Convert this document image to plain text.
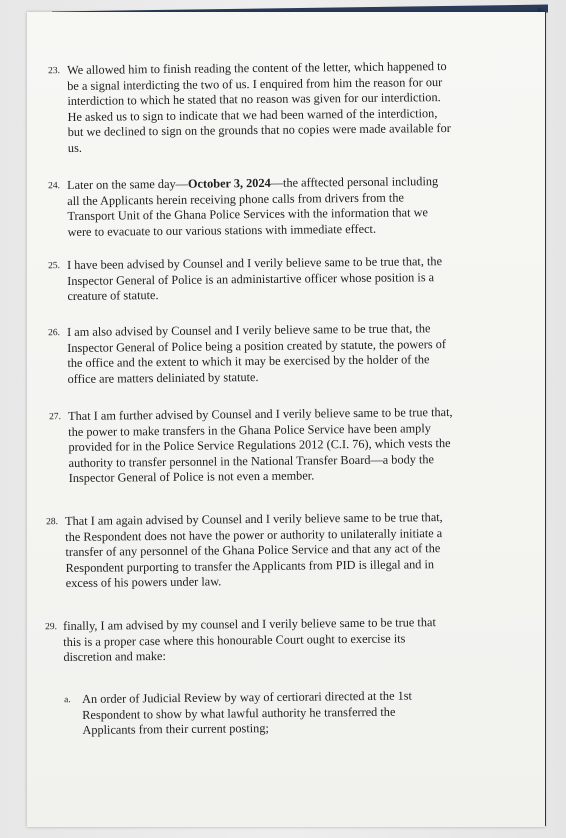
23. We allowed him to finish reading the content of the letter, which happened to
be a signal interdicting the two of us. I enquired from him the reason for our
interdiction to which he stated that no reason was given for our interdiction.
He asked us to sign to indicate that we had been warned of the interdiction,
but we declined to sign on the grounds that no copies were made available for
us.
24. Later on the same day—October 3, 2024—the afftected personal including
all the Applicants herein receiving phone calls from drivers from the
Transport Unit of the Ghana Police Services with the information that we
were to evacuate to our various stations with immediate effect.
25. I have been advised by Counsel and I verily believe same to be true that, the
Inspector General of Police is an administartive officer whose position is a
creature of statute.
26. I am also advised by Counsel and I verily believe same to be true that, the
Inspector General of Police being a position created by statute, the powers of
the office and the extent to which it may be exercised by the holder of the
office are matters deliniated by statute.
27. That I am further advised by Counsel and I verily believe same to be true that,
the power to make transfers in the Ghana Police Service have been amply
provided for in the Police Service Regulations 2012 (C.I. 76), which vests the
authority to transfer personnel in the National Transfer Board—a body the
Inspector General of Police is not even a member.
28. That I am again advised by Counsel and I verily believe same to be true that,
the Respondent does not have the power or authority to unilaterally initiate a
transfer of any personnel of the Ghana Police Service and that any act of the
Respondent purporting to transfer the Applicants from PID is illegal and in
excess of his powers under law.
29. finally, I am advised by my counsel and I verily believe same to be true that
this is a proper case where this honourable Court ought to exercise its
discretion and make:
a. An order of Judicial Review by way of certiorari directed at the 1st
Respondent to show by what lawful authority he transferred the
Applicants from their current posting;
